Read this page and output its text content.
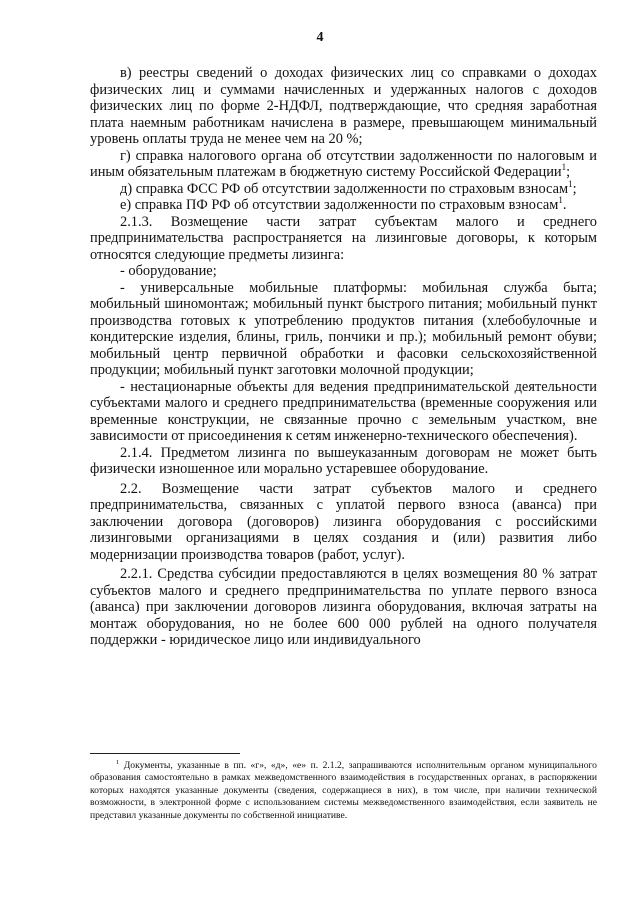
4

в) реестры сведений о доходах физических лиц со справками о доходах физических лиц и суммами начисленных и удержанных налогов с доходов физических лиц по форме 2-НДФЛ, подтверждающие, что средняя заработная плата наемным работникам начислена в размере, превышающем минимальный уровень оплаты труда не менее чем на 20 %;

г) справка налогового органа об отсутствии задолженности по налоговым и иным обязательным платежам в бюджетную систему Российской Федерации$^1$;

д) справка ФСС РФ об отсутствии задолженности по страховым взносам$^1$;

е) справка ПФ РФ об отсутствии задолженности по страховым взносам$^1$.

2.1.3. Возмещение части затрат субъектам малого и среднего предпринимательства распространяется на лизинговые договоры, к которым относятся следующие предметы лизинга:

- оборудование;

- универсальные мобильные платформы: мобильная служба быта; мобильный шиномонтаж; мобильный пункт быстрого питания; мобильный пункт производства готовых к употреблению продуктов питания (хлебобулочные и кондитерские изделия, блины, гриль, пончики и пр.); мобильный ремонт обуви; мобильный центр первичной обработки и фасовки сельскохозяйственной продукции; мобильный пункт заготовки молочной продукции;

- нестационарные объекты для ведения предпринимательской деятельности субъектами малого и среднего предпринимательства (временные сооружения или временные конструкции, не связанные прочно с земельным участком, вне зависимости от присоединения к сетям инженерно-технического обеспечения).

2.1.4. Предметом лизинга по вышеуказанным договорам не может быть физически изношенное или морально устаревшее оборудование.

2.2. Возмещение части затрат субъектов малого и среднего предпринимательства, связанных с уплатой первого взноса (аванса) при заключении договора (договоров) лизинга оборудования с российскими лизинговыми организациями в целях создания и (или) развития либо модернизации производства товаров (работ, услуг).

2.2.1. Средства субсидии предоставляются в целях возмещения 80 % затрат субъектов малого и среднего предпринимательства по уплате первого взноса (аванса) при заключении договоров лизинга оборудования, включая затраты на монтаж оборудования, но не более 600 000 рублей на одного получателя поддержки - юридическое лицо или индивидуального

$^1$ Документы, указанные в пп. «г», «д», «е» п. 2.1.2, запрашиваются исполнительным органом муниципального образования самостоятельно в рамках межведомственного взаимодействия в государственных органах, в распоряжении которых находятся указанные документы (сведения, содержащиеся в них), в том числе, при наличии технической возможности, в электронной форме с использованием системы межведомственного взаимодействия, если заявитель не представил указанные документы по собственной инициативе.
